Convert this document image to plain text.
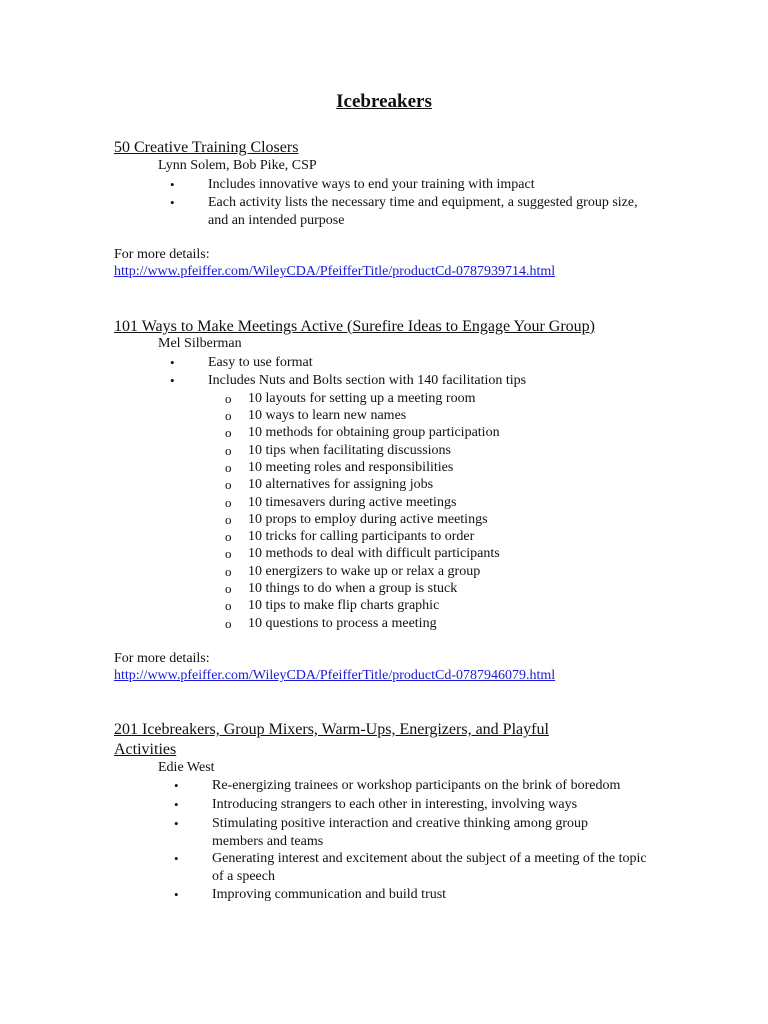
Icebreakers
50 Creative Training Closers
Lynn Solem, Bob Pike, CSP
• Includes innovative ways to end your training with impact
• Each activity lists the necessary time and equipment, a suggested group size, and an intended purpose
For more details:
http://www.pfeiffer.com/WileyCDA/PfeifferTitle/productCd-0787939714.html
101 Ways to Make Meetings Active (Surefire Ideas to Engage Your Group)
Mel Silberman
• Easy to use format
• Includes Nuts and Bolts section with 140 facilitation tips
o 10 layouts for setting up a meeting room
o 10 ways to learn new names
o 10 methods for obtaining group participation
o 10 tips when facilitating discussions
o 10 meeting roles and responsibilities
o 10 alternatives for assigning jobs
o 10 timesavers during active meetings
o 10 props to employ during active meetings
o 10 tricks for calling participants to order
o 10 methods to deal with difficult participants
o 10 energizers to wake up or relax a group
o 10 things to do when a group is stuck
o 10 tips to make flip charts graphic
o 10 questions to process a meeting
For more details:
http://www.pfeiffer.com/WileyCDA/PfeifferTitle/productCd-0787946079.html
201 Icebreakers, Group Mixers, Warm-Ups, Energizers, and Playful Activities
Edie West
• Re-energizing trainees or workshop participants on the brink of boredom
• Introducing strangers to each other in interesting, involving ways
• Stimulating positive interaction and creative thinking among group members and teams
• Generating interest and excitement about the subject of a meeting of the topic of a speech
• Improving communication and build trust
